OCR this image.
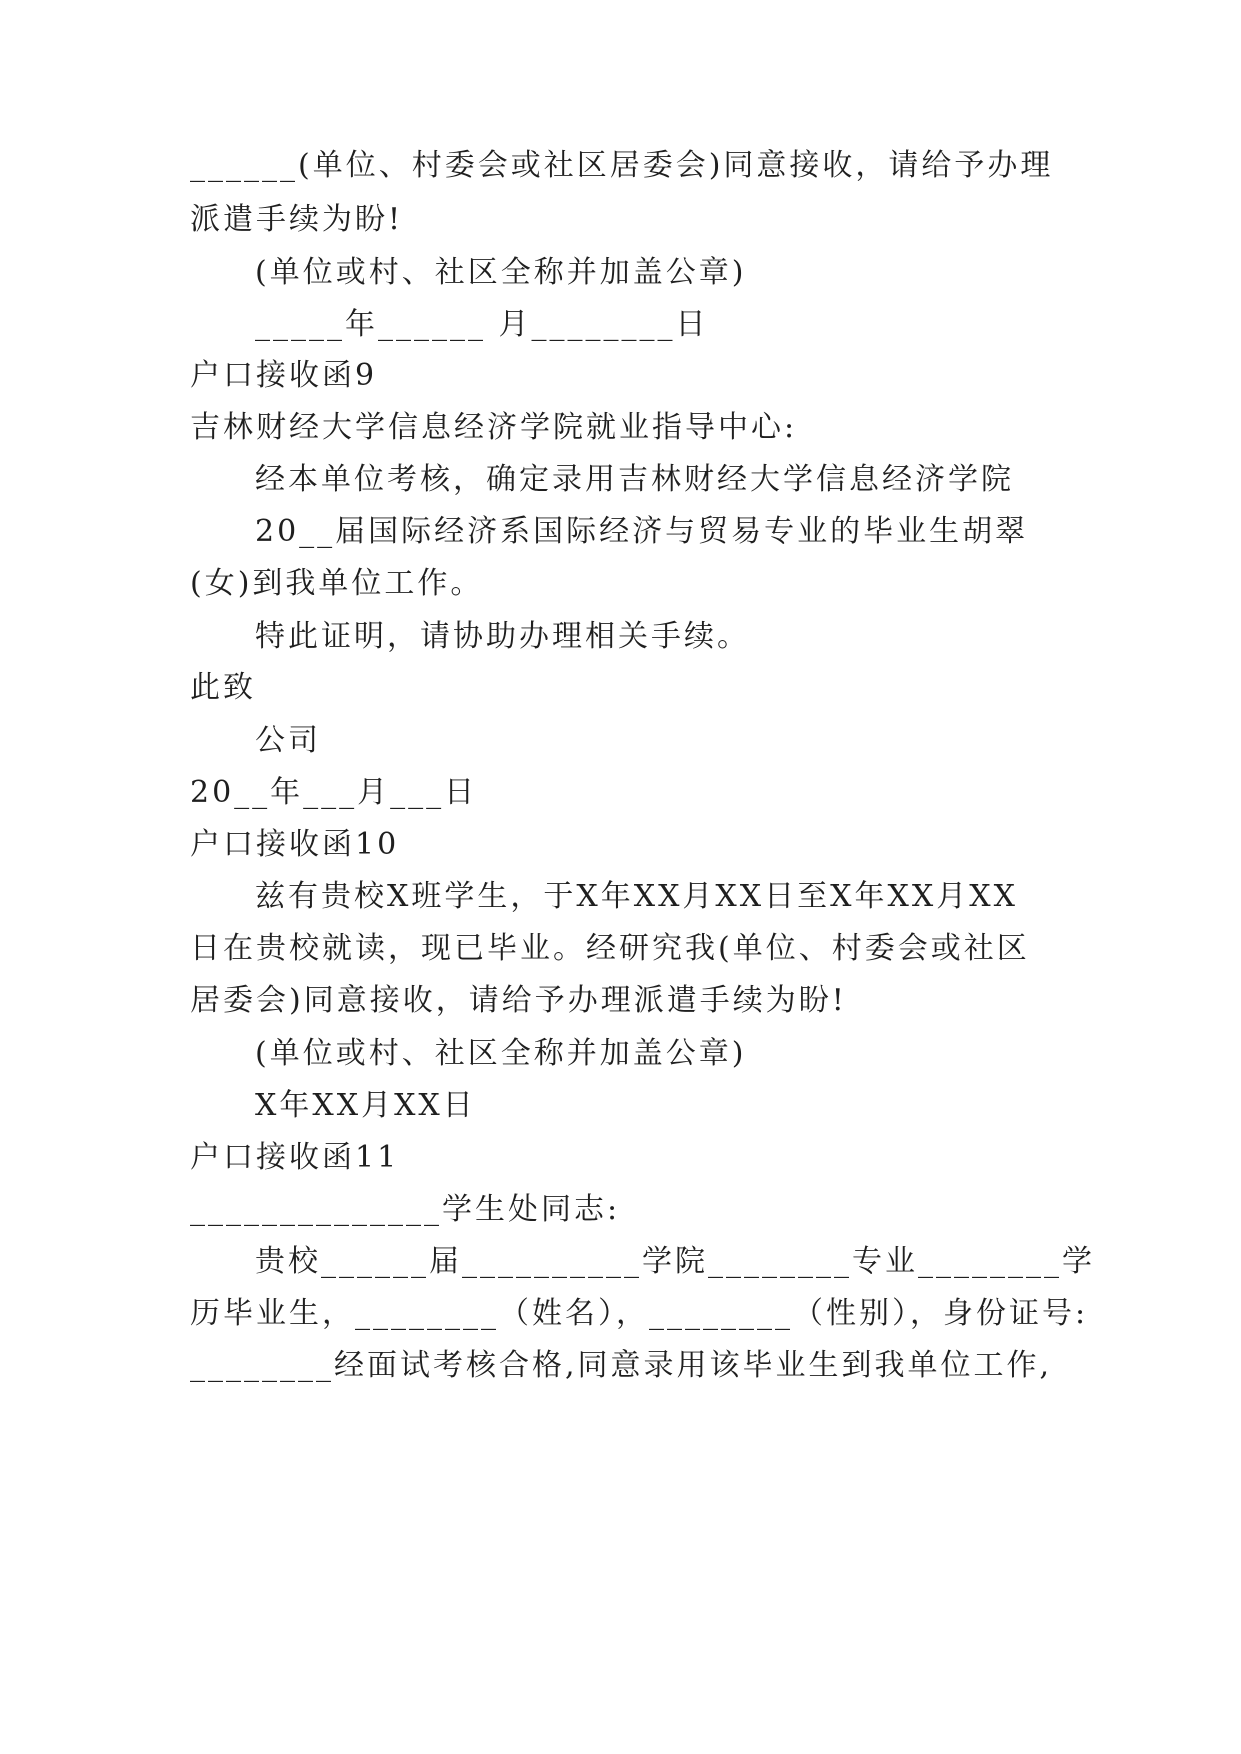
______(单位、村委会或社区居委会)同意接收，请给予办理
派遣手续为盼!
(单位或村、社区全称并加盖公章)
_____年______ 月________日
户口接收函9
吉林财经大学信息经济学院就业指导中心:
经本单位考核，确定录用吉林财经大学信息经济学院
20__届国际经济系国际经济与贸易专业的毕业生胡翠
(女)到我单位工作。
特此证明，请协助办理相关手续。
此致
公司
20__年___月___日
户口接收函10
兹有贵校X班学生，于X年XX月XX日至X年XX月XX
日在贵校就读，现已毕业。经研究我(单位、村委会或社区
居委会)同意接收，请给予办理派遣手续为盼!
(单位或村、社区全称并加盖公章)
X年XX月XX日
户口接收函11
______________学生处同志:
贵校______届__________学院________专业________学
历毕业生，________（姓名），________（性别），身份证号:
________经面试考核合格,同意录用该毕业生到我单位工作,
